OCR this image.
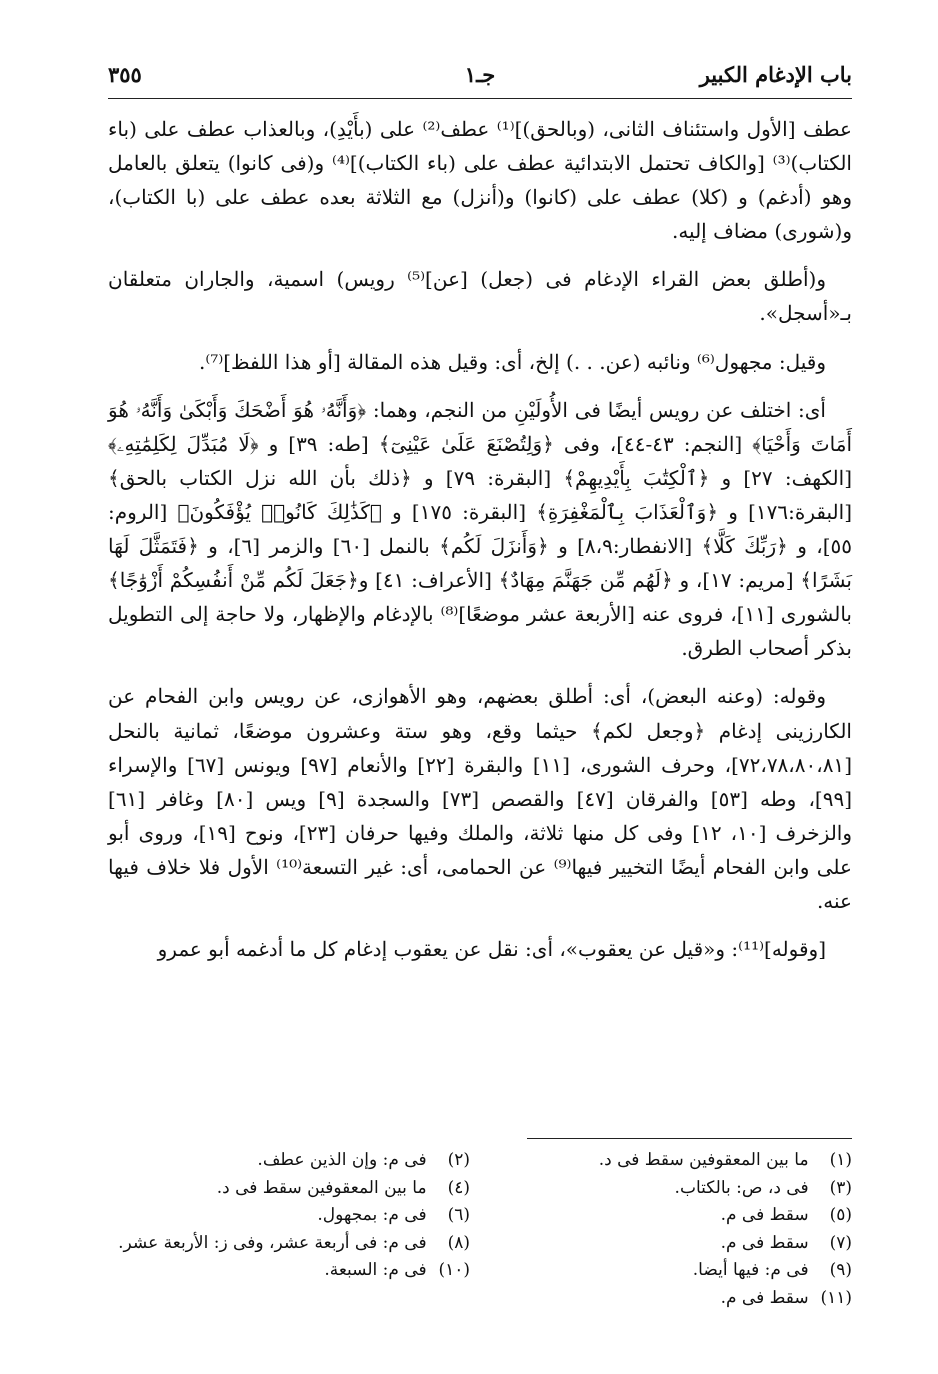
باب الإدغام الكبير
جـ١
٣٥٥

عطف [الأول واستئناف الثانى، (وبالحق)]⁽¹⁾ عطف⁽²⁾ على (بأَيْدِ)، وبالعذاب عطف على (باء الكتاب)⁽³⁾ [والكاف تحتمل الابتدائية عطف على (باء الكتاب)]⁽⁴⁾ و(فى كانوا) يتعلق بالعامل وهو (أدغم) و (كلا) عطف على (كانوا) و(أنزل) مع الثلاثة بعده عطف على (با الكتاب)، و(شورى) مضاف إليه.

و(أطلق بعض القراء الإدغام فى (جعل) [عن]⁽⁵⁾ رويس) اسمية، والجاران متعلقان بـ«أسجل».

وقيل: مجهول⁽⁶⁾ ونائبه (عن. . .) إلخ، أى: وقيل هذه المقالة [أو هذا اللفظ]⁽⁷⁾.

أى: اختلف عن رويس أيضًا فى الأُولَيْنِ من النجم، وهما: ﴿وَأَنَّهُۥ هُوَ أَضْحَكَ وَأَبْكَىٰ وَأَنَّهُۥ هُوَ أَمَاتَ وَأَحْيَا﴾ [النجم: ٤٣-٤٤]، وفى ﴿وَلِتُصْنَعَ عَلَىٰ عَيْنِىٓ﴾ [طه: ٣٩] و ﴿لَا مُبَدِّلَ لِكَلِمَٰتِهِۦ﴾ [الكهف: ٢٧] و ﴿ٱلْكِتَٰبَ بِأَيْدِيهِمْ﴾ [البقرة: ٧٩] و ﴿ذلك بأن الله نزل الكتاب بالحق﴾ [البقرة:١٧٦] و ﴿وَٱلْعَذَابَ بِٱلْمَغْفِرَةِ﴾ [البقرة: ١٧٥] و ﴿كَذَٰلِكَ كَانُوا۟ يُؤْفَكُونَ﴾ [الروم: ٥٥]، و ﴿رَبِّكَ كَلَّا﴾ [الانفطار:٨،٩] و ﴿وَأَنزَلَ لَكُم﴾ بالنمل [٦٠] والزمر [٦]، و ﴿فَتَمَثَّلَ لَهَا بَشَرًا﴾ [مريم: ١٧]، و ﴿لَهُم مِّن جَهَنَّمَ مِهَادٌ﴾ [الأعراف: ٤١] و﴿جَعَلَ لَكُم مِّنْ أَنفُسِكُمْ أَزْوَٰجًا﴾ بالشورى [١١]، فروى عنه [الأربعة عشر موضعًا]⁽⁸⁾ بالإدغام والإظهار، ولا حاجة إلى التطويل بذكر أصحاب الطرق.

وقوله: (وعنه البعض)، أى: أطلق بعضهم، وهو الأهوازى، عن رويس وابن الفحام عن الكارزينى إدغام ﴿وجعل لكم﴾ حيثما وقع، وهو ستة وعشرون موضعًا، ثمانية بالنحل [٧٢،٧٨،٨٠،٨١]، وحرف الشورى، [١١] والبقرة [٢٢] والأنعام [٩٧] ويونس [٦٧] والإسراء [٩٩]، وطه [٥٣] والفرقان [٤٧] والقصص [٧٣] والسجدة [٩] ويس [٨٠] وغافر [٦١] والزخرف [١٠، ١٢] وفى كل منها ثلاثة، والملك وفيها حرفان [٢٣]، ونوح [١٩]، وروى أبو على وابن الفحام أيضًا التخيير فيها⁽⁹⁾ عن الحمامى، أى: غير التسعة⁽¹⁰⁾ الأول فلا خلاف فيها عنه.

[وقوله]⁽¹¹⁾: و«قيل عن يعقوب»، أى: نقل عن يعقوب إدغام كل ما أدغمه أبو عمرو

(١) ما بين المعقوفين سقط فى د.
(٣) فى د، ص: بالكتاب.
(٥) سقط فى م.
(٧) سقط فى م.
(٩) فى م: فيها أيضا.
(١١) سقط فى م.
(٢) فى م: وإن الذين عطف.
(٤) ما بين المعقوفين سقط فى د.
(٦) فى م: بمجهول.
(٨) فى م: فى أربعة عشر، وفى ز: الأربعة عشر.
(١٠) فى م: السبعة.
